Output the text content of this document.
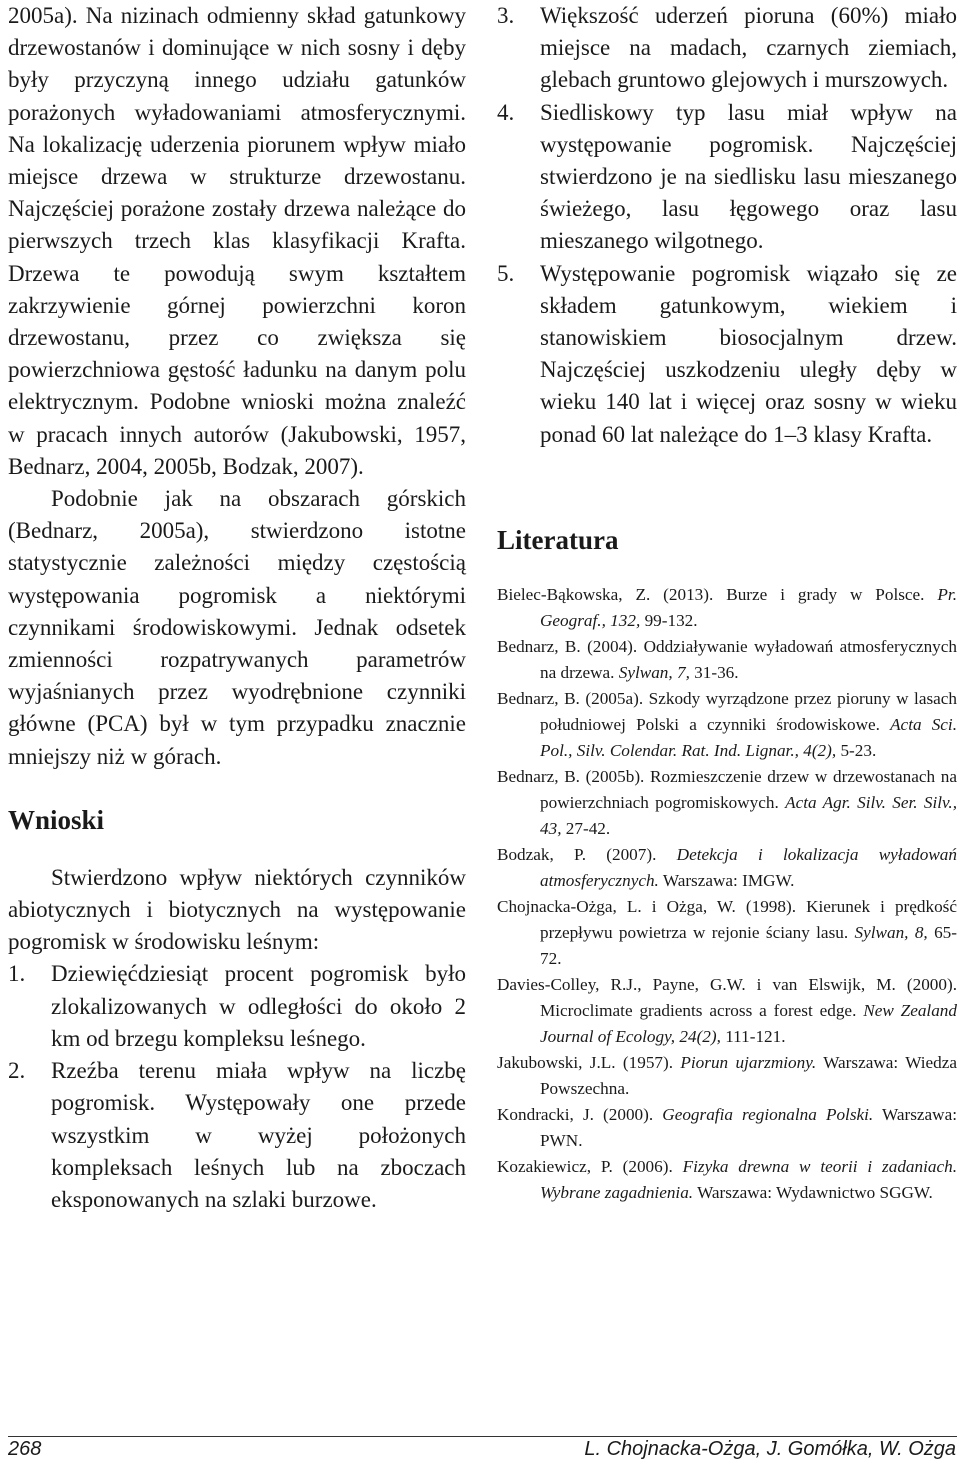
2005a). Na nizinach odmienny skład gatunkowy drzewostanów i dominujące w nich sosny i dęby były przyczyną innego udziału gatunków porażonych wyładowaniami atmosferycznymi. Na lokalizację uderzenia piorunem wpływ miało miejsce drzewa w strukturze drzewostanu. Najczęściej porażone zostały drzewa należące do pierwszych trzech klas klasyfikacji Krafta. Drzewa te powodują swym kształtem zakrzywienie górnej powierzchni koron drzewostanu, przez co zwiększa się powierzchniowa gęstość ładunku na danym polu elektrycznym. Podobne wnioski można znaleźć w pracach innych autorów (Jakubowski, 1957, Bednarz, 2004, 2005b, Bodzak, 2007).

Podobnie jak na obszarach górskich (Bednarz, 2005a), stwierdzono istotne statystycznie zależności między częstością występowania pogromisk a niektórymi czynnikami środowiskowymi. Jednak odsetek zmienności rozpatrywanych parametrów wyjaśnianych przez wyodrębnione czynniki główne (PCA) był w tym przypadku znacznie mniejszy niż w górach.

Wnioski

Stwierdzono wpływ niektórych czynników abiotycznych i biotycznych na występowanie pogromisk w środowisku leśnym:

1. Dziewięćdziesiąt procent pogromisk było zlokalizowanych w odległości do około 2 km od brzegu kompleksu leśnego.
2. Rzeźba terenu miała wpływ na liczbę pogromisk. Występowały one przede wszystkim w wyżej położonych kompleksach leśnych lub na zboczach eksponowanych na szlaki burzowe.
3. Większość uderzeń pioruna (60%) miało miejsce na madach, czarnych ziemiach, glebach gruntowo glejowych i murszowych.
4. Siedliskowy typ lasu miał wpływ na występowanie pogromisk. Najczęściej stwierdzono je na siedlisku lasu mieszanego świeżego, lasu łęgowego oraz lasu mieszanego wilgotnego.
5. Występowanie pogromisk wiązało się ze składem gatunkowym, wiekiem i stanowiskiem biosocjalnym drzew. Najczęściej uszkodzeniu uległy dęby w wieku 140 lat i więcej oraz sosny w wieku ponad 60 lat należące do 1–3 klasy Krafta.
Literatura

Bielec-Bąkowska, Z. (2013). Burze i grady w Polsce. Pr. Geograf., 132, 99-132.

Bednarz, B. (2004). Oddziaływanie wyładowań atmosferycznych na drzewa. Sylwan, 7, 31-36.

Bednarz, B. (2005a). Szkody wyrządzone przez pioruny w lasach południowej Polski a czynniki środowiskowe. Acta Sci. Pol., Silv. Colendar. Rat. Ind. Lignar., 4(2), 5-23.

Bednarz, B. (2005b). Rozmieszczenie drzew w drzewostanach na powierzchniach pogromiskowych. Acta Agr. Silv. Ser. Silv., 43, 27-42.

Bodzak, P. (2007). Detekcja i lokalizacja wyładowań atmosferycznych. Warszawa: IMGW.

Chojnacka-Ożga, L. i Ożga, W. (1998). Kierunek i prędkość przepływu powietrza w rejonie ściany lasu. Sylwan, 8, 65-72.

Davies-Colley, R.J., Payne, G.W. i van Elswijk, M. (2000). Microclimate gradients across a forest edge. New Zealand Journal of Ecology, 24(2), 111-121.

Jakubowski, J.L. (1957). Piorun ujarzmiony. Warszawa: Wiedza Powszechna.

Kondracki, J. (2000). Geografia regionalna Polski. Warszawa: PWN.

Kozakiewicz, P. (2006). Fizyka drewna w teorii i zadaniach. Wybrane zagadnienia. Warszawa: Wydawnictwo SGGW.

268	L. Chojnacka-Ożga, J. Gomółka, W. Ożga
